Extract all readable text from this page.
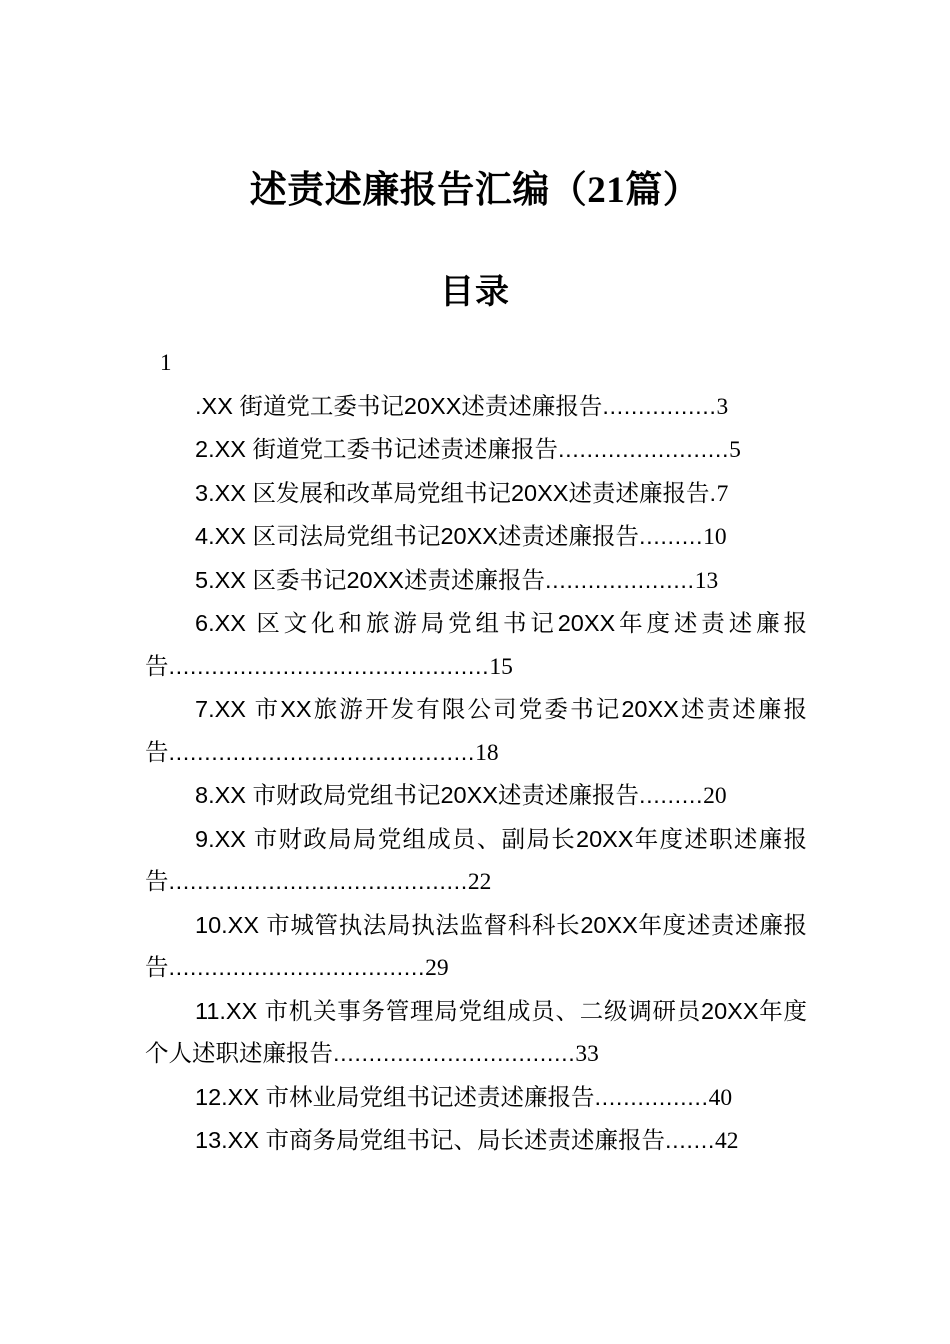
述责述廉报告汇编（21篇）
目录
1
.XX 街道党工委书记20XX述责述廉报告................3
2.XX 街道党工委书记述责述廉报告........................5
3.XX 区发展和改革局党组书记20XX述责述廉报告.7
4.XX 区司法局党组书记20XX述责述廉报告.........10
5.XX 区委书记20XX述责述廉报告.....................13
6.XX 区文化和旅游局党组书记20XX年度述责述廉报告.............................................15
7.XX 市XX旅游开发有限公司党委书记20XX述责述廉报告...........................................18
8.XX 市财政局党组书记20XX述责述廉报告.........20
9.XX 市财政局局党组成员、副局长20XX年度述职述廉报告..........................................22
10.XX 市城管执法局执法监督科科长20XX年度述责述廉报告....................................29
11.XX 市机关事务管理局党组成员、二级调研员20XX年度个人述职述廉报告..................................33
12.XX 市林业局党组书记述责述廉报告................40
13.XX 市商务局党组书记、局长述责述廉报告.......42
